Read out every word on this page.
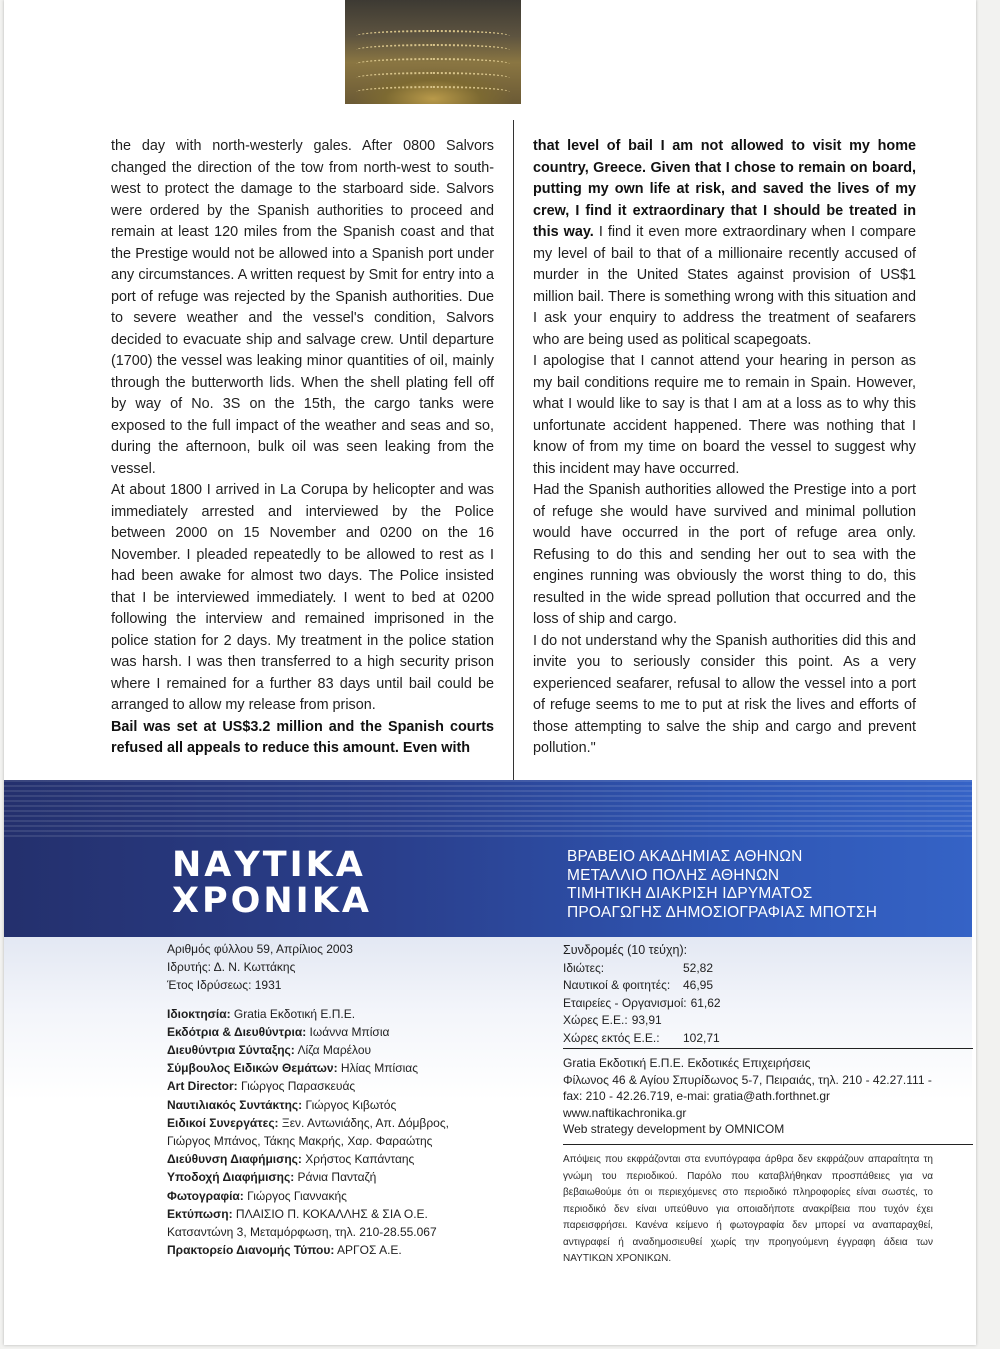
the day with north-westerly gales. After 0800 Salvors changed the direction of the tow from north-west to south-west to protect the damage to the starboard side. Salvors were ordered by the Spanish authorities to proceed and remain at least 120 miles from the Spanish coast and that the Prestige would not be allowed into a Spanish port under any circumstances. A written request by Smit for entry into a port of refuge was rejected by the Spanish authorities. Due to severe weather and the vessel's condition, Salvors decided to evacuate ship and salvage crew. Until departure (1700) the vessel was leaking minor quantities of oil, mainly through the butterworth lids. When the shell plating fell off by way of No. 3S on the 15th, the cargo tanks were exposed to the full impact of the weather and seas and so, during the afternoon, bulk oil was seen leaking from the vessel.

At about 1800 I arrived in La Corupa by helicopter and was immediately arrested and interviewed by the Police between 2000 on 15 November and 0200 on the 16 November. I pleaded repeatedly to be allowed to rest as I had been awake for almost two days. The Police insisted that I be interviewed immediately. I went to bed at 0200 following the interview and remained imprisoned in the police station for 2 days. My treatment in the police station was harsh. I was then transferred to a high security prison where I remained for a further 83 days until bail could be arranged to allow my release from prison.

Bail was set at US$3.2 million and the Spanish courts refused all appeals to reduce this amount. Even with

that level of bail I am not allowed to visit my home country, Greece. Given that I chose to remain on board, putting my own life at risk, and saved the lives of my crew, I find it extraordinary that I should be treated in this way. I find it even more extraordinary when I compare my level of bail to that of a millionaire recently accused of murder in the United States against provision of US$1 million bail. There is something wrong with this situation and I ask your enquiry to address the treatment of seafarers who are being used as political scapegoats.

I apologise that I cannot attend your hearing in person as my bail conditions require me to remain in Spain. However, what I would like to say is that I am at a loss as to why this unfortunate accident happened. There was nothing that I know of from my time on board the vessel to suggest why this incident may have occurred.

Had the Spanish authorities allowed the Prestige into a port of refuge she would have survived and minimal pollution would have occurred in the port of refuge area only. Refusing to do this and sending her out to sea with the engines running was obviously the worst thing to do, this resulted in the wide spread pollution that occurred and the loss of ship and cargo.

I do not understand why the Spanish authorities did this and invite you to seriously consider this point. As a very experienced seafarer, refusal to allow the vessel into a port of refuge seems to me to put at risk the lives and efforts of those attempting to salve the ship and cargo and prevent pollution."

ΝΑΥΤΙΚΑ
ΧΡΟΝΙΚΑ
ΒΡΑΒΕΙΟ ΑΚΑΔΗΜΙΑΣ ΑΘΗΝΩΝ
ΜΕΤΑΛΛΙΟ ΠΟΛΗΣ ΑΘΗΝΩΝ
ΤΙΜΗΤΙΚΗ ΔΙΑΚΡΙΣΗ ΙΔΡΥΜΑΤΟΣ
ΠΡΟΑΓΩΓΗΣ ΔΗΜΟΣΙΟΓΡΑΦΙΑΣ ΜΠΟΤΣΗ
Αριθμός φύλλου 59, Απρίλιος 2003
Ιδρυτής: Δ. Ν. Κωττάκης
Έτος Ιδρύσεως: 1931
Ιδιοκτησία: Gratia Εκδοτική Ε.Π.Ε.
Εκδότρια & Διευθύντρια: Ιωάννα Μπίσια
Διευθύντρια Σύνταξης: Λίζα Μαρέλου
Σύμβουλος Ειδικών Θεμάτων: Ηλίας Μπίσιας
Art Director: Γιώργος Παρασκευάς
Ναυτιλιακός Συντάκτης: Γιώργος Κιβωτός
Ειδικοί Συνεργάτες: Ξεν. Αντωνιάδης, Απ. Δόμβρος,
Γιώργος Μπάνος, Τάκης Μακρής, Χαρ. Φαραώτης
Διεύθυνση Διαφήμισης: Χρήστος Καπάνταης
Υποδοχή Διαφήμισης: Ράνια Πανταζή
Φωτογραφία: Γιώργος Γιαννακής
Εκτύπωση: ΠΛΑΙΣΙΟ Π. ΚΟΚΑΛΛΗΣ & ΣΙΑ Ο.Ε.
Κατσαντώνη 3, Μεταμόρφωση, τηλ. 210-28.55.067
Πρακτορείο Διανομής Τύπου: ΑΡΓΟΣ Α.Ε.
Συνδρομές (10 τεύχη):
Ιδιώτες:	52,82
Ναυτικοί & φοιτητές:	46,95
Εταιρείες - Οργανισμοί: 61,62
Χώρες Ε.Ε.: 93,91
Χώρες εκτός Ε.Ε.:	102,71
Gratia Εκδοτική Ε.Π.Ε. Εκδοτικές Επιχειρήσεις
Φίλωνος 46 & Αγίου Σπυρίδωνος 5-7, Πειραιάς, τηλ. 210 - 42.27.111 -
fax: 210 - 42.26.719, e-mai: gratia@ath.forthnet.gr
www.naftikachronika.gr
Web strategy development by OMNICOM
Απόψεις που εκφράζονται στα ενυπόγραφα άρθρα δεν εκφράζουν απαραίτητα τη γνώμη του περιοδικού. Παρόλο που καταβλήθηκαν προσπάθειες για να βεβαιωθούμε ότι οι περιεχόμενες στο περιοδικό πληροφορίες είναι σωστές, το περιοδικό δεν είναι υπεύθυνο για οποιαδήποτε ανακρίβεια που τυχόν έχει παρεισφρήσει. Κανένα κείμενο ή φωτογραφία δεν μπορεί να αναπαραχθεί, αντιγραφεί ή αναδημοσιευθεί χωρίς την προηγούμενη έγγραφη άδεια των ΝΑΥΤΙΚΩΝ ΧΡΟΝΙΚΩΝ.
